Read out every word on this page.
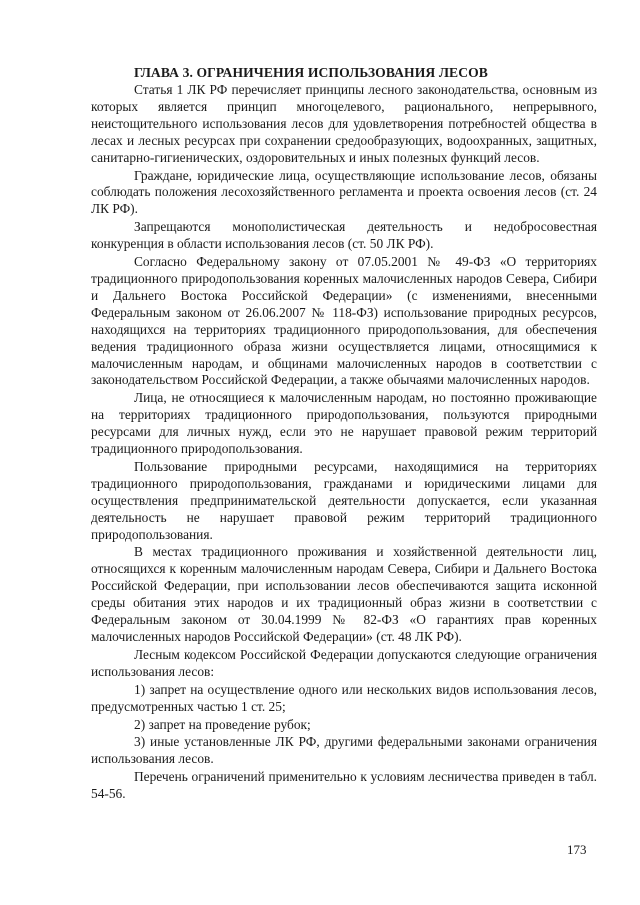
ГЛАВА 3. ОГРАНИЧЕНИЯ ИСПОЛЬЗОВАНИЯ ЛЕСОВ

Статья 1 ЛК РФ перечисляет принципы лесного законодательства, основным из которых является принцип многоцелевого, рационального, непрерывного, неистощительного использования лесов для удовлетворения потребностей общества в лесах и лесных ресурсах при сохранении средообразующих, водоохранных, защитных, санитарно-гигиенических, оздоровительных и иных полезных функций лесов.

Граждане, юридические лица, осуществляющие использование лесов, обязаны соблюдать положения лесохозяйственного регламента и проекта освоения лесов (ст. 24 ЛК РФ).

Запрещаются монополистическая деятельность и недобросовестная конкуренция в области использования лесов (ст. 50 ЛК РФ).

Согласно Федеральному закону от 07.05.2001 № 49-ФЗ «О территориях традиционного природопользования коренных малочисленных народов Севера, Сибири и Дальнего Востока Российской Федерации» (с изменениями, внесенными Федеральным законом от 26.06.2007 № 118-ФЗ) использование природных ресурсов, находящихся на территориях традиционного природопользования, для обеспечения ведения традиционного образа жизни осуществляется лицами, относящимися к малочисленным народам, и общинами малочисленных народов в соответствии с законодательством Российской Федерации, а также обычаями малочисленных народов.

Лица, не относящиеся к малочисленным народам, но постоянно проживающие на территориях традиционного природопользования, пользуются природными ресурсами для личных нужд, если это не нарушает правовой режим территорий традиционного природопользования.

Пользование природными ресурсами, находящимися на территориях традиционного природопользования, гражданами и юридическими лицами для осуществления предпринимательской деятельности допускается, если указанная деятельность не нарушает правовой режим территорий традиционного природопользования.

В местах традиционного проживания и хозяйственной деятельности лиц, относящихся к коренным малочисленным народам Севера, Сибири и Дальнего Востока Российской Федерации, при использовании лесов обеспечиваются защита исконной среды обитания этих народов и их традиционный образ жизни в соответствии с Федеральным законом от 30.04.1999 № 82-ФЗ «О гарантиях прав коренных малочисленных народов Российской Федерации» (ст. 48 ЛК РФ).

Лесным кодексом Российской Федерации допускаются следующие ограничения использования лесов:

1) запрет на осуществление одного или нескольких видов использования лесов, предусмотренных частью 1 ст. 25;

2) запрет на проведение рубок;

3) иные установленные ЛК РФ, другими федеральными законами ограничения использования лесов.

Перечень ограничений применительно к условиям лесничества приведен в табл. 54-56.

173
